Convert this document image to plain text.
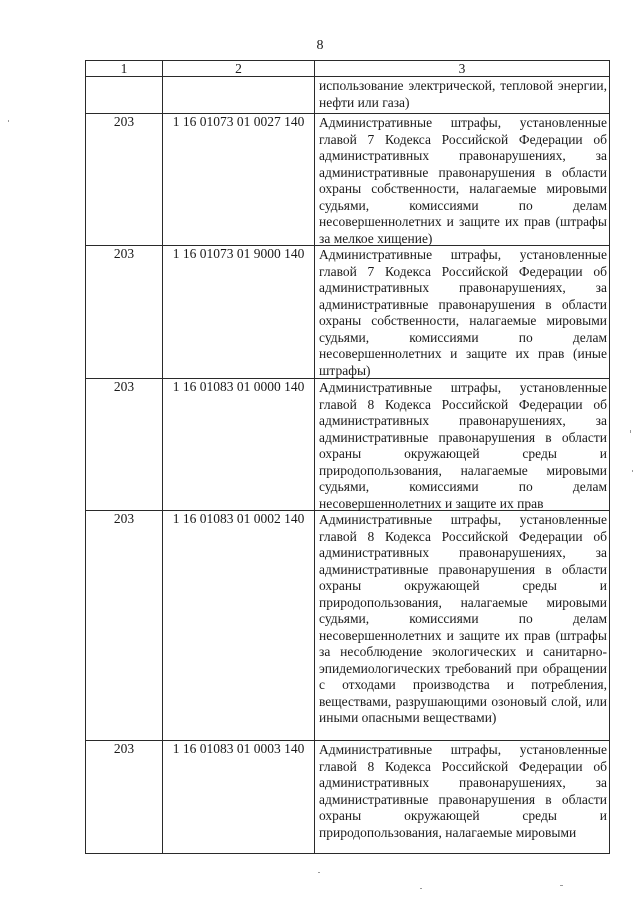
8
1	2	3

		использование электрической, тепловой энергии, нефти или газа)

203	1 16 01073 01 0027 140	Административные штрафы, установленные главой 7 Кодекса Российской Федерации об административных правонарушениях, за административные правонарушения в области охраны собственности, налагаемые мировыми судьями, комиссиями по делам несовершеннолетних и защите их прав (штрафы за мелкое хищение)

203	1 16 01073 01 9000 140	Административные штрафы, установленные главой 7 Кодекса Российской Федерации об административных правонарушениях, за административные правонарушения в области охраны собственности, налагаемые мировыми судьями, комиссиями по делам несовершеннолетних и защите их прав (иные штрафы)

203	1 16 01083 01 0000 140	Административные штрафы, установленные главой 8 Кодекса Российской Федерации об административных правонарушениях, за административные правонарушения в области охраны окружающей среды и природопользования, налагаемые мировыми судьями, комиссиями по делам несовершеннолетних и защите их прав

203	1 16 01083 01 0002 140	Административные штрафы, установленные главой 8 Кодекса Российской Федерации об административных правонарушениях, за административные правонарушения в области охраны окружающей среды и природопользования, налагаемые мировыми судьями, комиссиями по делам несовершеннолетних и защите их прав (штрафы за несоблюдение экологических и санитарно-эпидемиологических требований при обращении с отходами производства и потребления, веществами, разрушающими озоновый слой, или иными опасными веществами)

203	1 16 01083 01 0003 140	Административные штрафы, установленные главой 8 Кодекса Российской Федерации об административных правонарушениях, за административные правонарушения в области охраны окружающей среды и природопользования, налагаемые мировыми
